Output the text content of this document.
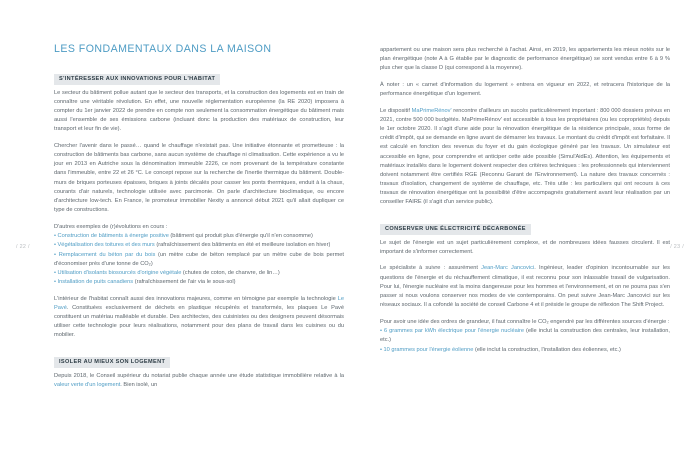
/ 22 /	/ 23 /
LES FONDAMENTAUX DANS LA MAISON
S'INTÉRESSER AUX INNOVATIONS POUR L'HABITAT

Le secteur du bâtiment pollue autant que le secteur des transports, et la construction des logements est en train de connaître une véritable révolution. En effet, une nouvelle réglementation européenne (la RE 2020) imposera à compter du 1er janvier 2022 de prendre en compte non seulement la consommation énergétique du bâtiment mais aussi l'ensemble de ses émissions carbone (incluant donc la production des matériaux de construction, leur transport et leur fin de vie).

Chercher l'avenir dans le passé… quand le chauffage n'existait pas. Une initiative étonnante et prometteuse : la construction de bâtiments bas carbone, sans aucun système de chauffage ni climatisation. Cette expérience a vu le jour en 2013 en Autriche sous la dénomination immeuble 2226, ce nom provenant de la température constante dans l'immeuble, entre 22 et 26 °C. Le concept repose sur la recherche de l'inertie thermique du bâtiment. Double-murs de briques porteuses épaisses, briques à joints décalés pour casser les ponts thermiques, enduit à la chaux, courants d'air naturels, technologie utilisée avec parcimonie. On parle d'architecture bioclimatique, ou encore d'architecture low-tech. En France, le promoteur immobilier Nexity a annoncé début 2021 qu'il allait dupliquer ce type de constructions.

D'autres exemples de (r)évolutions en cours :

• Construction de bâtiments à énergie positive (bâtiment qui produit plus d'énergie qu'il n'en consomme)
• Végétalisation des toitures et des murs (rafraîchissement des bâtiments en été et meilleure isolation en hiver)
• Remplacement du béton par du bois (un mètre cube de béton remplacé par un mètre cube de bois permet d'économiser près d'une tonne de CO₂)
• Utilisation d'isolants biosourcés d'origine végétale (chutes de coton, de chanvre, de lin…)
• Installation de puits canadiens (rafraîchissement de l'air via le sous-sol)

L'intérieur de l'habitat connaît aussi des innovations majeures, comme en témoigne par exemple la technologie Le Pavé. Constituées exclusivement de déchets en plastique récupérés et transformés, les plaques Le Pavé constituent un matériau malléable et durable. Des architectes, des cuisinistes ou des designers peuvent désormais utiliser cette technologie pour leurs réalisations, notamment pour des plans de travail dans les cuisines ou du mobilier.

ISOLER AU MIEUX SON LOGEMENT

Depuis 2018, le Conseil supérieur du notariat publie chaque année une étude statistique immobilière relative à la valeur verte d'un logement. Bien isolé, un

appartement ou une maison sera plus recherché à l'achat. Ainsi, en 2019, les appartements les mieux notés sur le plan énergétique (note A à G établie par le diagnostic de performance énergétique) se sont vendus entre 6 à 9 % plus cher que la classe D (qui correspond à la moyenne).

À noter : un « carnet d'information du logement » entrera en vigueur en 2022, et retracera l'historique de la performance énergétique d'un logement.

Le dispositif MaPrimeRénov' rencontre d'ailleurs un succès particulièrement important : 800 000 dossiers prévus en 2021, contre 500 000 budgétés. MaPrimeRénov' est accessible à tous les propriétaires (ou les copropriétés) depuis le 1er octobre 2020. Il s'agit d'une aide pour la rénovation énergétique de la résidence principale, sous forme de crédit d'impôt, qui se demande en ligne avant de démarrer les travaux. Le montant du crédit d'impôt est forfaitaire. Il est calculé en fonction des revenus du foyer et du gain écologique généré par les travaux. Un simulateur est accessible en ligne, pour comprendre et anticiper cette aide possible (Simul'AidEs). Attention, les équipements et matériaux installés dans le logement doivent respecter des critères techniques : les professionnels qui interviennent doivent notamment être certifiés RGE (Reconnu Garant de l'Environnement). La nature des travaux concernés : travaux d'isolation, changement de système de chauffage, etc. Très utile : les particuliers qui ont recours à ces travaux de rénovation énergétique ont la possibilité d'être accompagnés gratuitement avant leur réalisation par un conseiller FAIRE (il s'agit d'un service public).

CONSERVER UNE ÉLECTRICITÉ DÉCARBONÉE

Le sujet de l'énergie est un sujet particulièrement complexe, et de nombreuses idées fausses circulent. Il est important de s'informer correctement.

Le spécialiste à suivre : assurément Jean-Marc Jancovici. Ingénieur, leader d'opinion incontournable sur les questions de l'énergie et du réchauffement climatique, il est reconnu pour son inlassable travail de vulgarisation. Pour lui, l'énergie nucléaire est la moins dangereuse pour les hommes et l'environnement, et on ne pourra pas s'en passer si nous voulons conserver nos modes de vie contemporains. On peut suivre Jean-Marc Jancovici sur les réseaux sociaux. Il a cofondé la société de conseil Carbone 4 et il préside le groupe de réflexion The Shift Project.

Pour avoir une idée des ordres de grandeur, il faut connaître le CO₂ engendré par les différentes sources d'énergie :

• 6 grammes par kWh électrique pour l'énergie nucléaire (elle inclut la construction des centrales, leur installation, etc.)
• 10 grammes pour l'énergie éolienne (elle inclut la construction, l'installation des éoliennes, etc.)
